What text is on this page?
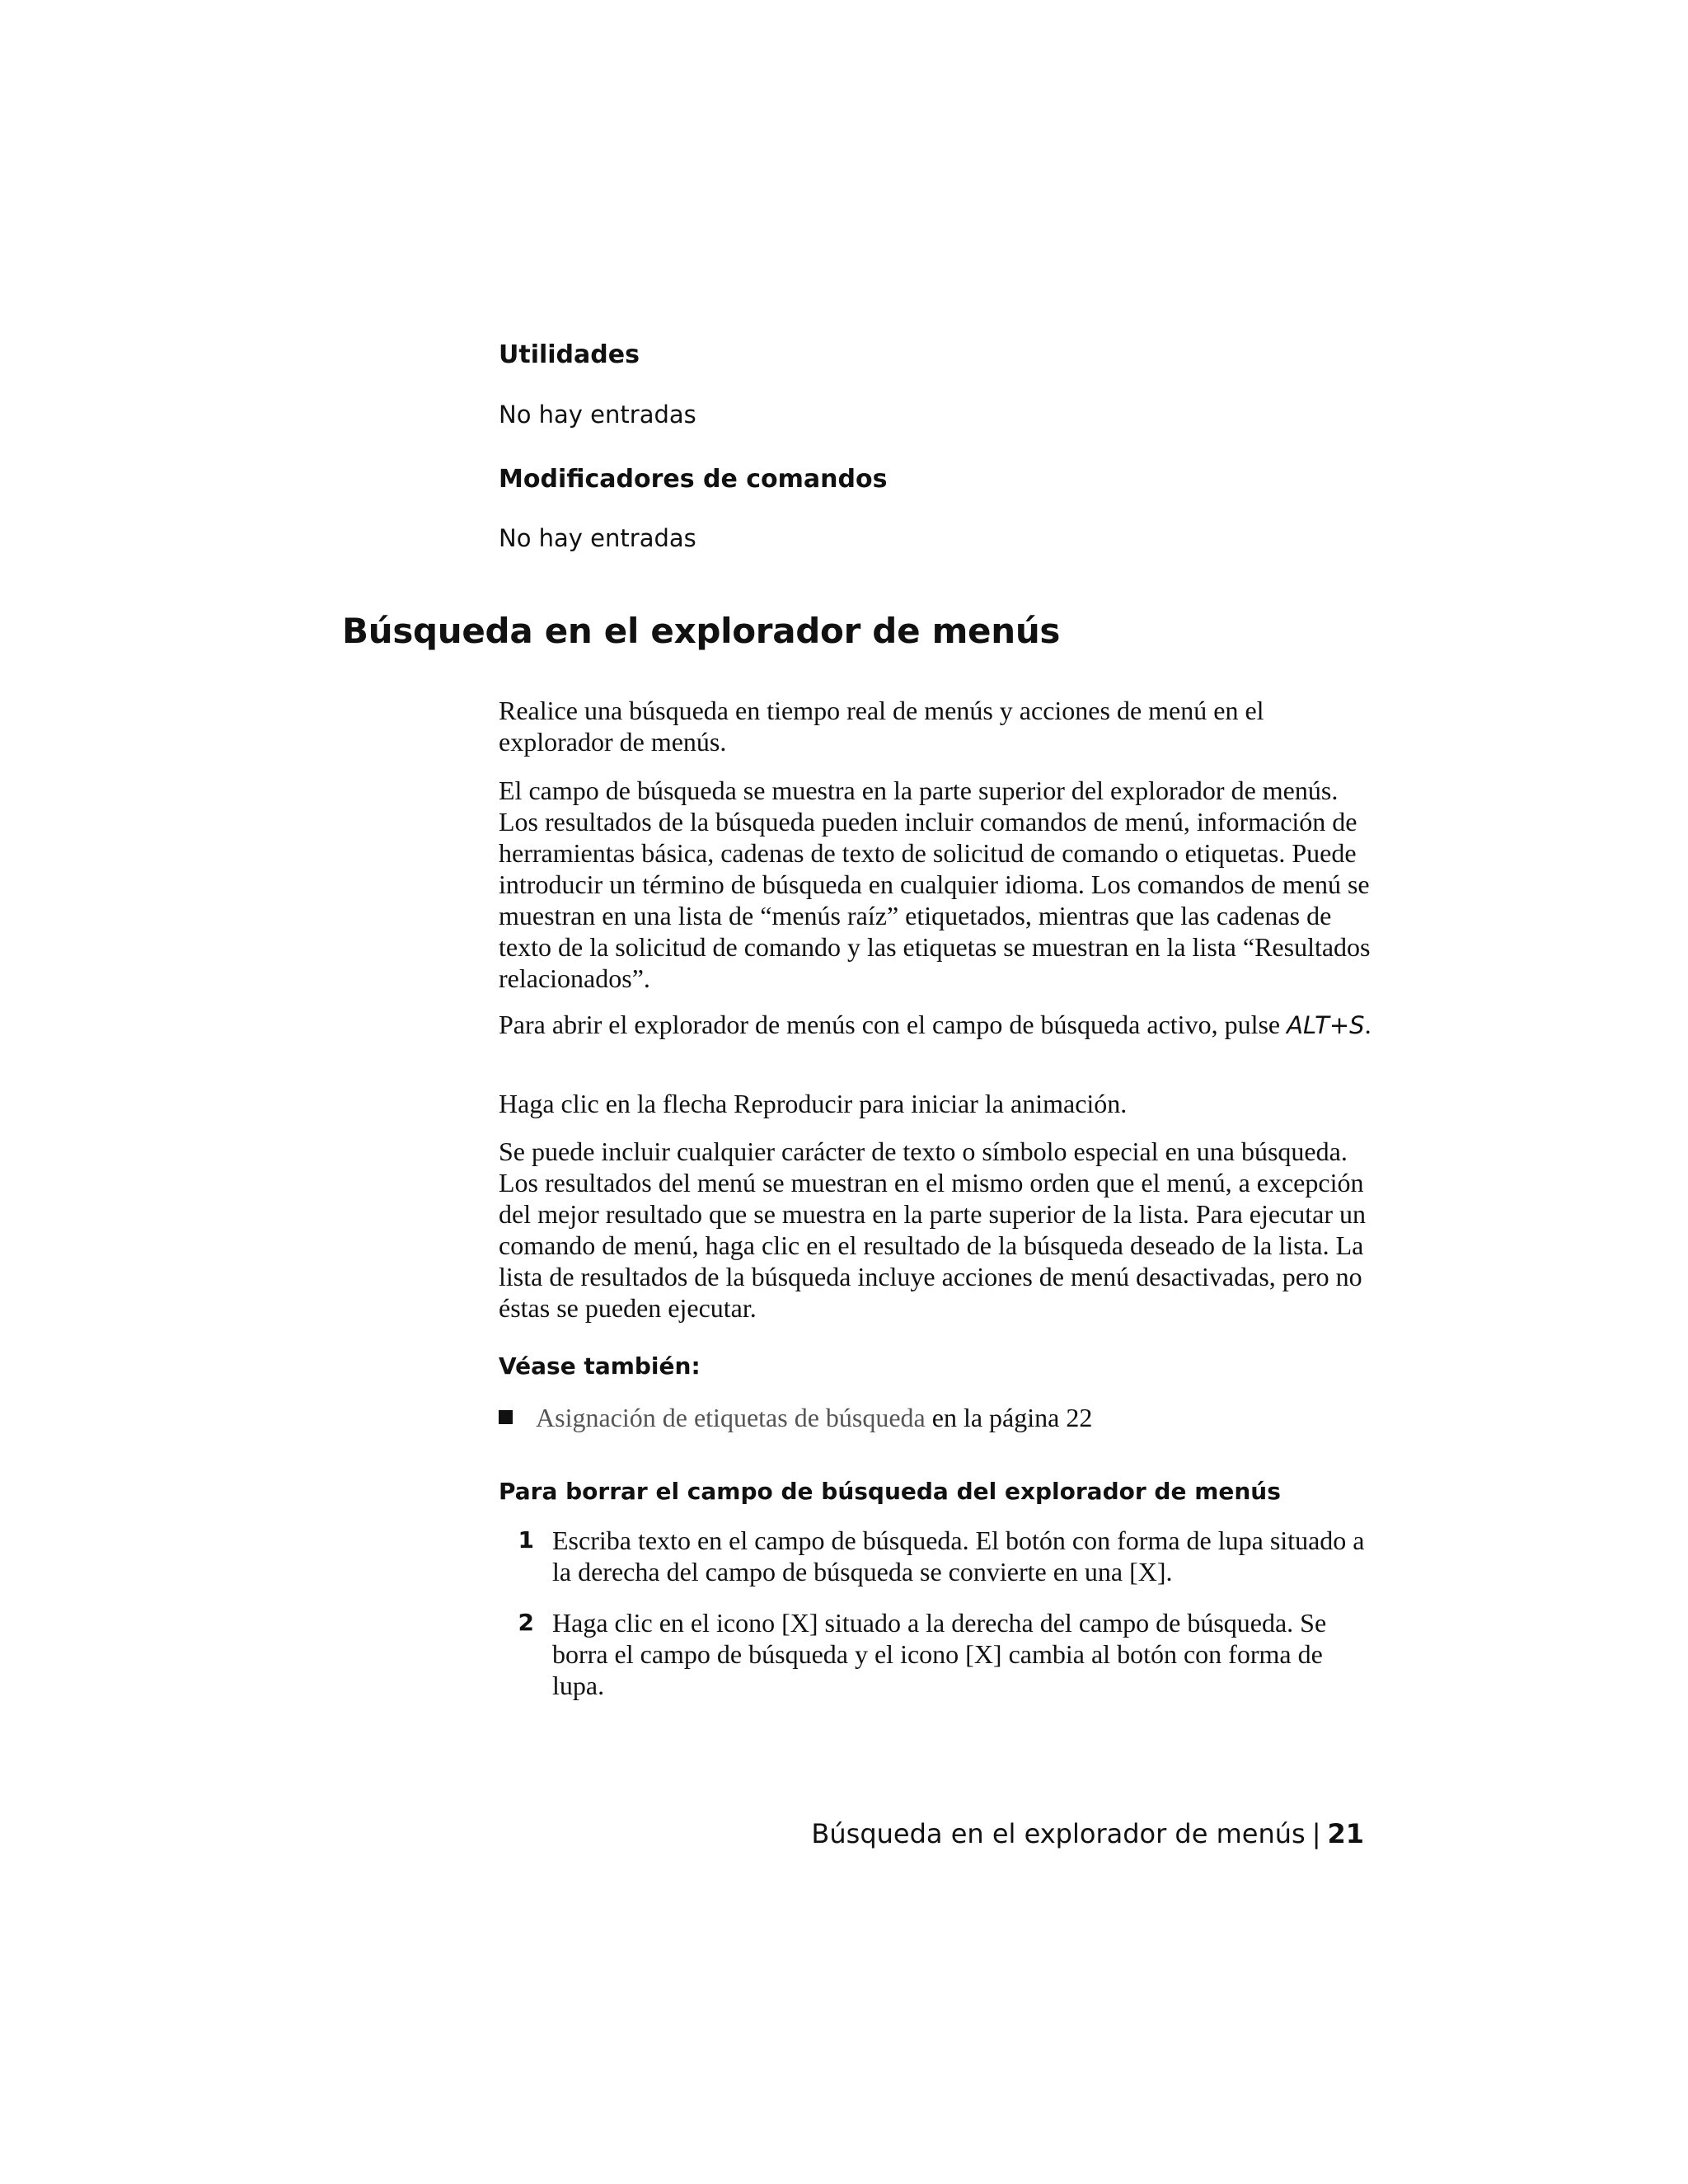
Utilidades

No hay entradas

Modificadores de comandos

No hay entradas

Búsqueda en el explorador de menús

Realice una búsqueda en tiempo real de menús y acciones de menú en el explorador de menús.

El campo de búsqueda se muestra en la parte superior del explorador de menús. Los resultados de la búsqueda pueden incluir comandos de menú, información de herramientas básica, cadenas de texto de solicitud de comando o etiquetas. Puede introducir un término de búsqueda en cualquier idioma. Los comandos de menú se muestran en una lista de “menús raíz” etiquetados, mientras que las cadenas de texto de la solicitud de comando y las etiquetas se muestran en la lista “Resultados relacionados”.

Para abrir el explorador de menús con el campo de búsqueda activo, pulse ALT+S.

Haga clic en la flecha Reproducir para iniciar la animación.

Se puede incluir cualquier carácter de texto o símbolo especial en una búsqueda. Los resultados del menú se muestran en el mismo orden que el menú, a excepción del mejor resultado que se muestra en la parte superior de la lista. Para ejecutar un comando de menú, haga clic en el resultado de la búsqueda deseado de la lista. La lista de resultados de la búsqueda incluye acciones de menú desactivadas, pero no éstas se pueden ejecutar.

Véase también:
Asignación de etiquetas de búsqueda en la página 22
Para borrar el campo de búsqueda del explorador de menús
1 Escriba texto en el campo de búsqueda. El botón con forma de lupa situado a la derecha del campo de búsqueda se convierte en una [X].
2 Haga clic en el icono [X] situado a la derecha del campo de búsqueda. Se borra el campo de búsqueda y el icono [X] cambia al botón con forma de lupa.
Búsqueda en el explorador de menús | 21
